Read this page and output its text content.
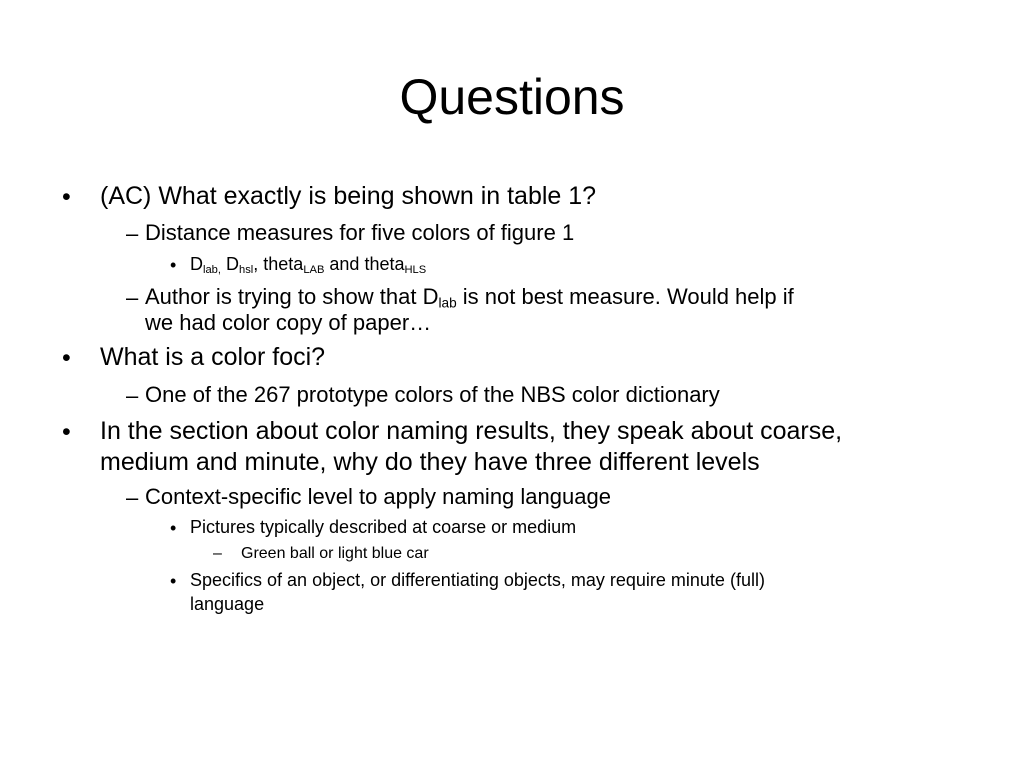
Questions
• (AC) What exactly is being shown in table 1?
– Distance measures for five colors of figure 1
• $D_{lab,}$ $D_{hsl}$, theta$_{LAB}$ and theta$_{HLS}$
– Author is trying to show that $D_{lab}$ is not best measure. Would help if
we had color copy of paper…
• What is a color foci?
– One of the 267 prototype colors of the NBS color dictionary
• In the section about color naming results, they speak about coarse,
medium and minute, why do they have three different levels
– Context-specific level to apply naming language
• Pictures typically described at coarse or medium
– Green ball or light blue car
• Specifics of an object, or differentiating objects, may require minute (full)
language
